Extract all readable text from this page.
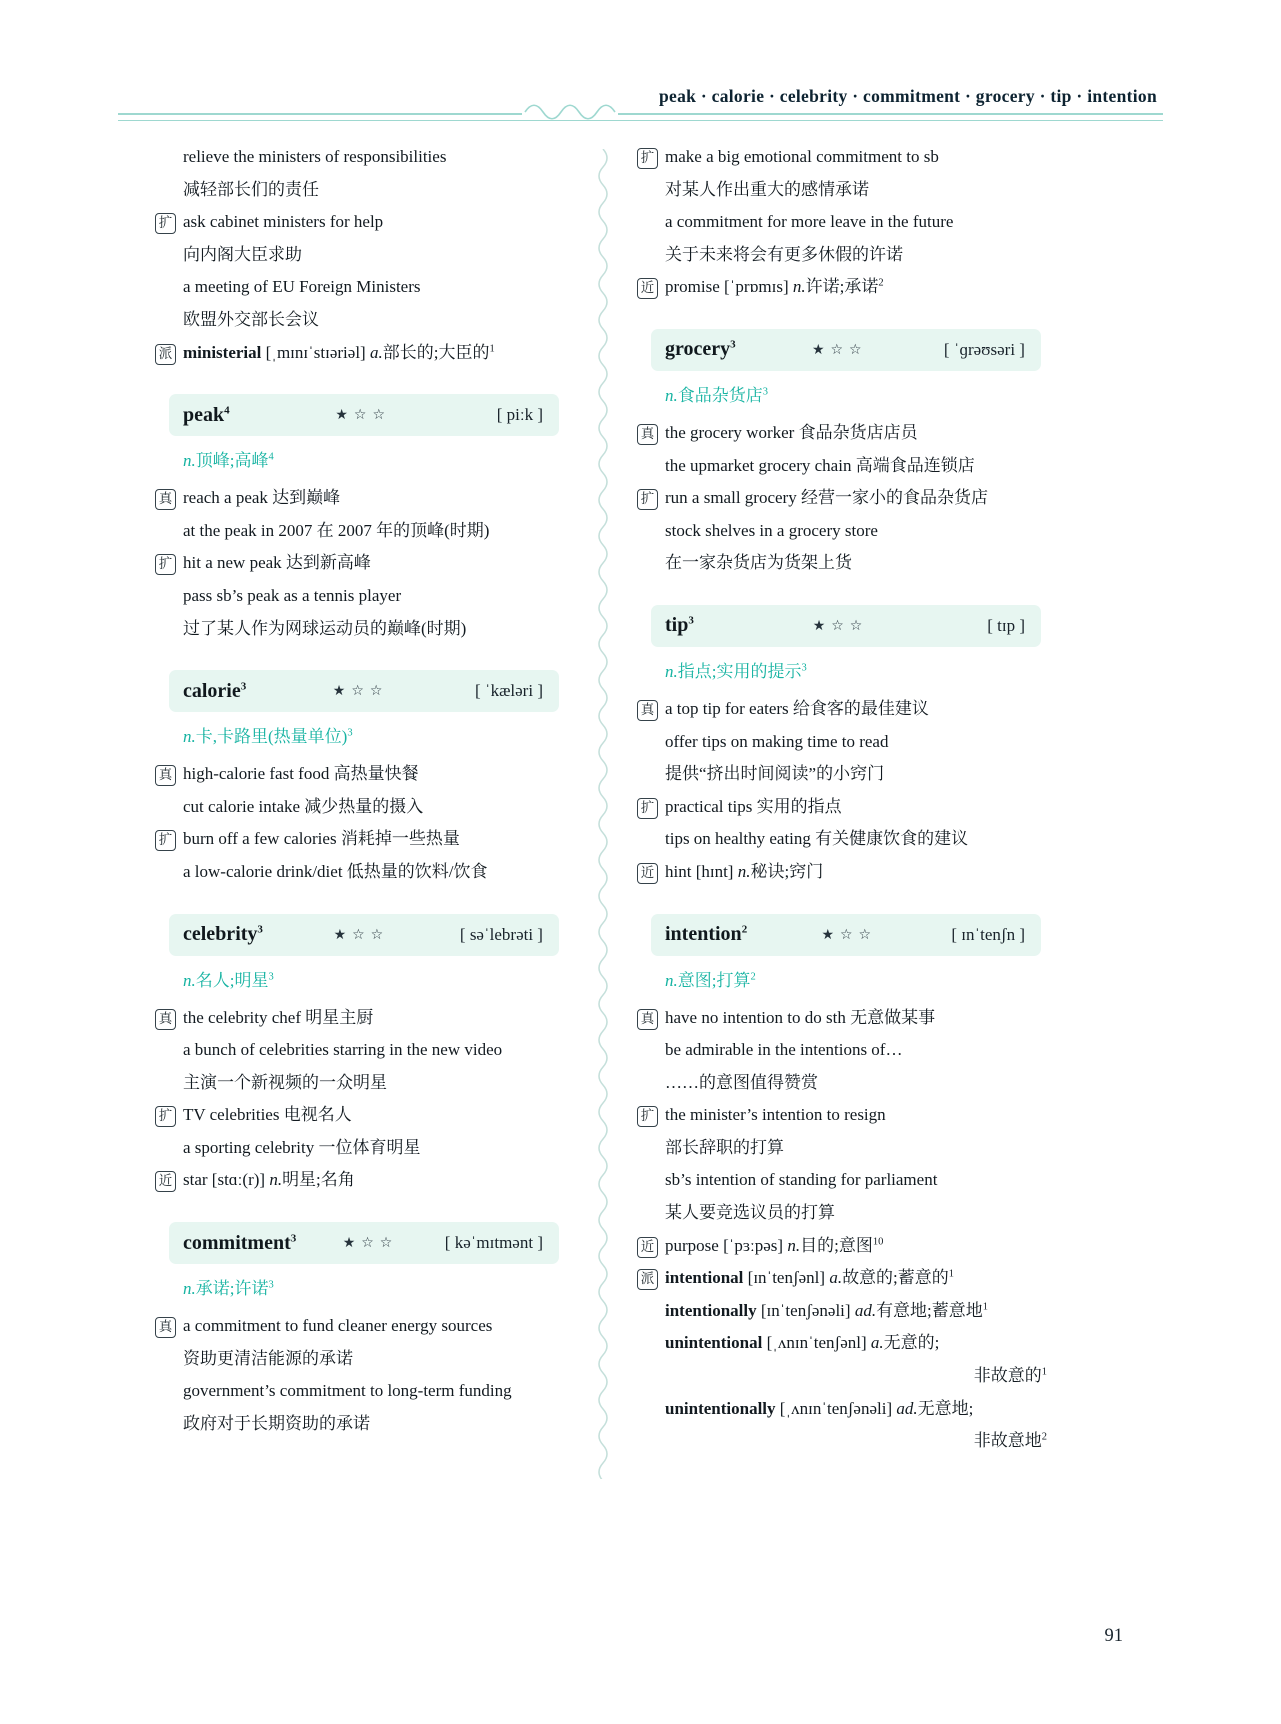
peak · calorie · celebrity · commitment · grocery · tip · intention
relieve the ministers of responsibilities
减轻部长们的责任
扩 ask cabinet ministers for help
向内阁大臣求助
a meeting of EU Foreign Ministers
欧盟外交部长会议
派 ministerial [ˌmɪnɪˈstɪəriəl] a.部长的;大臣的$^1$
peak$^4$	★☆☆	[ piːk ]
n.顶峰;高峰$^4$
真 reach a peak 达到巅峰
at the peak in 2007 在 2007 年的顶峰(时期)
扩 hit a new peak 达到新高峰
pass sb’s peak as a tennis player
过了某人作为网球运动员的巅峰(时期)
calorie$^3$	★☆☆	[ ˈkæləri ]
n.卡,卡路里(热量单位)$^3$
真 high-calorie fast food 高热量快餐
cut calorie intake 减少热量的摄入
扩 burn off a few calories 消耗掉一些热量
a low-calorie drink/diet 低热量的饮料/饮食
celebrity$^3$	★☆☆	[ səˈlebrəti ]
n.名人;明星$^3$
真 the celebrity chef 明星主厨
a bunch of celebrities starring in the new video
主演一个新视频的一众明星
扩 TV celebrities 电视名人
a sporting celebrity 一位体育明星
近 star [stɑː(r)] n.明星;名角
commitment$^3$	★☆☆	[ kəˈmɪtmənt ]
n.承诺;许诺$^3$
真 a commitment to fund cleaner energy sources
资助更清洁能源的承诺
government’s commitment to long-term funding
政府对于长期资助的承诺
扩 make a big emotional commitment to sb
对某人作出重大的感情承诺
a commitment for more leave in the future
关于未来将会有更多休假的许诺
近 promise [ˈprɒmɪs] n.许诺;承诺$^2$
grocery$^3$	★☆☆	[ ˈɡrəʊsəri ]
n.食品杂货店$^3$
真 the grocery worker 食品杂货店店员
the upmarket grocery chain 高端食品连锁店
扩 run a small grocery 经营一家小的食品杂货店
stock shelves in a grocery store
在一家杂货店为货架上货
tip$^3$	★☆☆	[ tɪp ]
n.指点;实用的提示$^3$
真 a top tip for eaters 给食客的最佳建议
offer tips on making time to read
提供“挤出时间阅读”的小窍门
扩 practical tips 实用的指点
tips on healthy eating 有关健康饮食的建议
近 hint [hɪnt] n.秘诀;窍门
intention$^2$	★☆☆	[ ɪnˈtenʃn ]
n.意图;打算$^2$
真 have no intention to do sth 无意做某事
be admirable in the intentions of…
……的意图值得赞赏
扩 the minister’s intention to resign
部长辞职的打算
sb’s intention of standing for parliament
某人要竞选议员的打算
近 purpose [ˈpɜːpəs] n.目的;意图$^{10}$
派 intentional [ɪnˈtenʃənl] a.故意的;蓄意的$^1$
intentionally [ɪnˈtenʃənəli] ad.有意地;蓄意地$^1$
unintentional [ˌʌnɪnˈtenʃənl] a.无意的;
非故意的$^1$
unintentionally [ˌʌnɪnˈtenʃənəli] ad.无意地;
非故意地$^2$
91
